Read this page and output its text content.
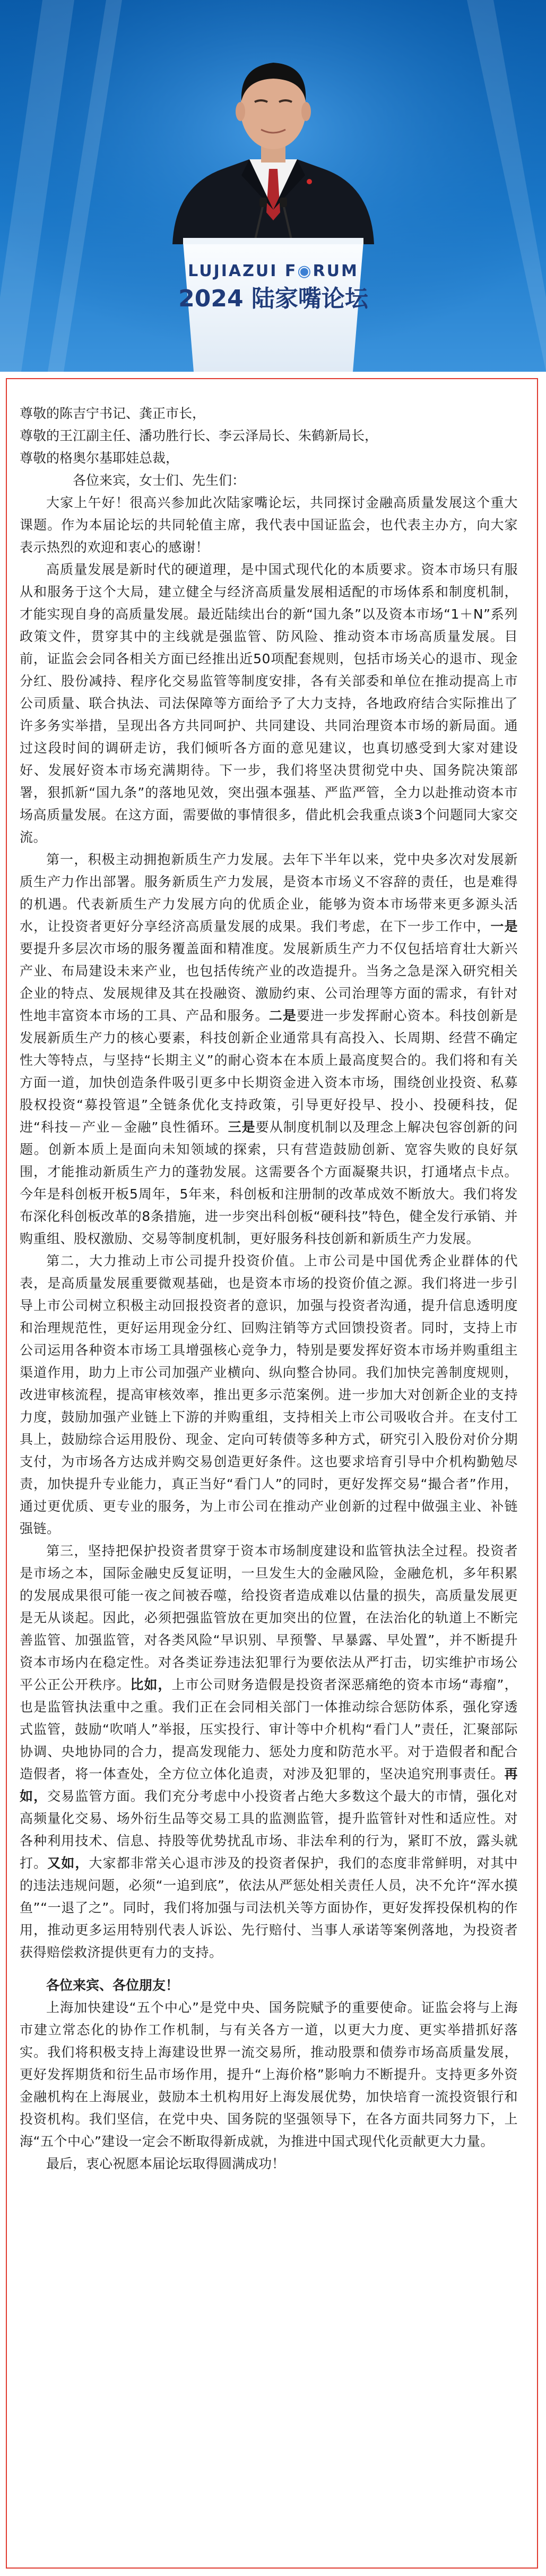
LUJIAZUI F◉RUM
2024 陆家嘴论坛

尊敬的陈吉宁书记、龚正市长，

尊敬的王江副主任、潘功胜行长、李云泽局长、朱鹤新局长，

尊敬的格奥尔基耶娃总裁，

各位来宾，女士们、先生们：

大家上午好！很高兴参加此次陆家嘴论坛，共同探讨金融高质量发展这个重大课题。作为本届论坛的共同轮值主席，我代表中国证监会，也代表主办方，向大家表示热烈的欢迎和衷心的感谢！

高质量发展是新时代的硬道理，是中国式现代化的本质要求。资本市场只有服从和服务于这个大局，建立健全与经济高质量发展相适配的市场体系和制度机制，才能实现自身的高质量发展。最近陆续出台的新“国九条”以及资本市场“1＋N”系列政策文件，贯穿其中的主线就是强监管、防风险、推动资本市场高质量发展。目前，证监会会同各相关方面已经推出近50项配套规则，包括市场关心的退市、现金分红、股份减持、程序化交易监管等制度安排，各有关部委和单位在推动提高上市公司质量、联合执法、司法保障等方面给予了大力支持，各地政府结合实际推出了许多务实举措，呈现出各方共同呵护、共同建设、共同治理资本市场的新局面。通过这段时间的调研走访，我们倾听各方面的意见建议，也真切感受到大家对建设好、发展好资本市场充满期待。下一步，我们将坚决贯彻党中央、国务院决策部署，狠抓新“国九条”的落地见效，突出强本强基、严监严管，全力以赴推动资本市场高质量发展。在这方面，需要做的事情很多，借此机会我重点谈3个问题同大家交流。

第一，积极主动拥抱新质生产力发展。去年下半年以来，党中央多次对发展新质生产力作出部署。服务新质生产力发展，是资本市场义不容辞的责任，也是难得的机遇。代表新质生产力发展方向的优质企业，能够为资本市场带来更多源头活水，让投资者更好分享经济高质量发展的成果。我们考虑，在下一步工作中，一是要提升多层次市场的服务覆盖面和精准度。发展新质生产力不仅包括培育壮大新兴产业、布局建设未来产业，也包括传统产业的改造提升。当务之急是深入研究相关企业的特点、发展规律及其在投融资、激励约束、公司治理等方面的需求，有针对性地丰富资本市场的工具、产品和服务。二是要进一步发挥耐心资本。科技创新是发展新质生产力的核心要素，科技创新企业通常具有高投入、长周期、经营不确定性大等特点，与坚持“长期主义”的耐心资本在本质上最高度契合的。我们将和有关方面一道，加快创造条件吸引更多中长期资金进入资本市场，围绕创业投资、私募股权投资“募投管退”全链条优化支持政策，引导更好投早、投小、投硬科技，促进“科技－产业－金融”良性循环。三是要从制度机制以及理念上解决包容创新的问题。创新本质上是面向未知领域的探索，只有营造鼓励创新、宽容失败的良好氛围，才能推动新质生产力的蓬勃发展。这需要各个方面凝聚共识，打通堵点卡点。今年是科创板开板5周年，5年来，科创板和注册制的改革成效不断放大。我们将发布深化科创板改革的8条措施，进一步突出科创板“硬科技”特色，健全发行承销、并购重组、股权激励、交易等制度机制，更好服务科技创新和新质生产力发展。

第二，大力推动上市公司提升投资价值。上市公司是中国优秀企业群体的代表，是高质量发展重要微观基础，也是资本市场的投资价值之源。我们将进一步引导上市公司树立积极主动回报投资者的意识，加强与投资者沟通，提升信息透明度和治理规范性，更好运用现金分红、回购注销等方式回馈投资者。同时，支持上市公司运用各种资本市场工具增强核心竞争力，特别是要发挥好资本市场并购重组主渠道作用，助力上市公司加强产业横向、纵向整合协同。我们加快完善制度规则，改进审核流程，提高审核效率，推出更多示范案例。进一步加大对创新企业的支持力度，鼓励加强产业链上下游的并购重组，支持相关上市公司吸收合并。在支付工具上，鼓励综合运用股份、现金、定向可转债等多种方式，研究引入股份对价分期支付，为市场各方达成并购交易创造更好条件。这也要求培育引导中介机构勤勉尽责，加快提升专业能力，真正当好“看门人”的同时，更好发挥交易“撮合者”作用，通过更优质、更专业的服务，为上市公司在推动产业创新的过程中做强主业、补链强链。

第三，坚持把保护投资者贯穿于资本市场制度建设和监管执法全过程。投资者是市场之本，国际金融史反复证明，一旦发生大的金融风险，金融危机，多年积累的发展成果很可能一夜之间被吞噬，给投资者造成难以估量的损失，高质量发展更是无从谈起。因此，必须把强监管放在更加突出的位置，在法治化的轨道上不断完善监管、加强监管，对各类风险“早识别、早预警、早暴露、早处置”，并不断提升资本市场内在稳定性。对各类证券违法犯罪行为要依法从严打击，切实维护市场公平公正公开秩序。比如，上市公司财务造假是投资者深恶痛绝的资本市场“毒瘤”，也是监管执法重中之重。我们正在会同相关部门一体推动综合惩防体系，强化穿透式监管，鼓励“吹哨人”举报，压实投行、审计等中介机构“看门人”责任，汇聚部际协调、央地协同的合力，提高发现能力、惩处力度和防范水平。对于造假者和配合造假者，将一体查处，全方位立体化追责，对涉及犯罪的，坚决追究刑事责任。再如，交易监管方面。我们充分考虑中小投资者占绝大多数这个最大的市情，强化对高频量化交易、场外衍生品等交易工具的监测监管，提升监管针对性和适应性。对各种利用技术、信息、持股等优势扰乱市场、非法牟利的行为，紧盯不放，露头就打。又如，大家都非常关心退市涉及的投资者保护，我们的态度非常鲜明，对其中的违法违规问题，必须“一追到底”，依法从严惩处相关责任人员，决不允许“浑水摸鱼”“一退了之”。同时，我们将加强与司法机关等方面协作，更好发挥投保机构的作用，推动更多运用特别代表人诉讼、先行赔付、当事人承诺等案例落地，为投资者获得赔偿救济提供更有力的支持。

各位来宾、各位朋友！

上海加快建设“五个中心”是党中央、国务院赋予的重要使命。证监会将与上海市建立常态化的协作工作机制，与有关各方一道，以更大力度、更实举措抓好落实。我们将积极支持上海建设世界一流交易所，推动股票和债券市场高质量发展，更好发挥期货和衍生品市场作用，提升“上海价格”影响力不断提升。支持更多外资金融机构在上海展业，鼓励本土机构用好上海发展优势，加快培育一流投资银行和投资机构。我们坚信，在党中央、国务院的坚强领导下，在各方面共同努力下，上海“五个中心”建设一定会不断取得新成就，为推进中国式现代化贡献更大力量。

最后，衷心祝愿本届论坛取得圆满成功！
